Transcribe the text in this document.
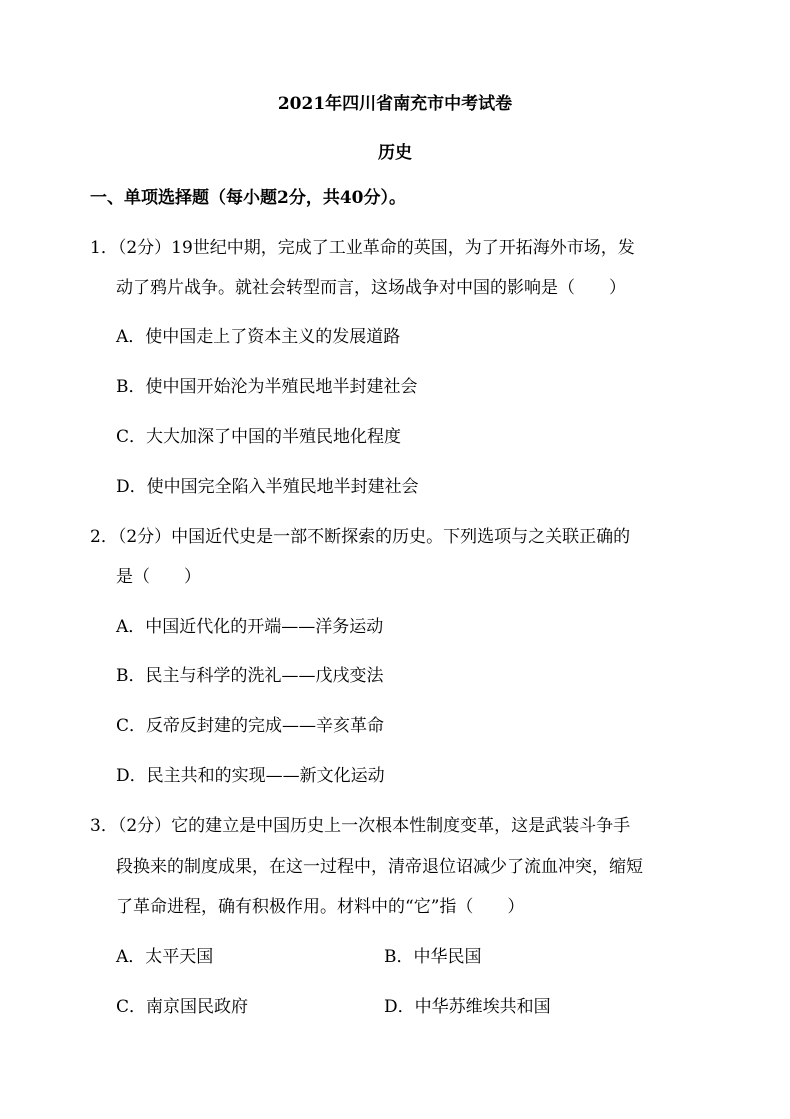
2021年四川省南充市中考试卷
历史
一、单项选择题（每小题2分，共40分）。
1．（2分）19世纪中期，完成了工业革命的英国，为了开拓海外市场，发
动了鸦片战争。就社会转型而言，这场战争对中国的影响是（　　）
A．使中国走上了资本主义的发展道路
B．使中国开始沦为半殖民地半封建社会
C．大大加深了中国的半殖民地化程度
D．使中国完全陷入半殖民地半封建社会
2．（2分）中国近代史是一部不断探索的历史。下列选项与之关联正确的
是（　　）
A．中国近代化的开端——洋务运动
B．民主与科学的洗礼——戊戌变法
C．反帝反封建的完成——辛亥革命
D．民主共和的实现——新文化运动
3．（2分）它的建立是中国历史上一次根本性制度变革，这是武装斗争手
段换来的制度成果，在这一过程中，清帝退位诏减少了流血冲突，缩短
了革命进程，确有积极作用。材料中的“它”指（　　）
A．太平天国	B．中华民国
C．南京国民政府	D．中华苏维埃共和国
